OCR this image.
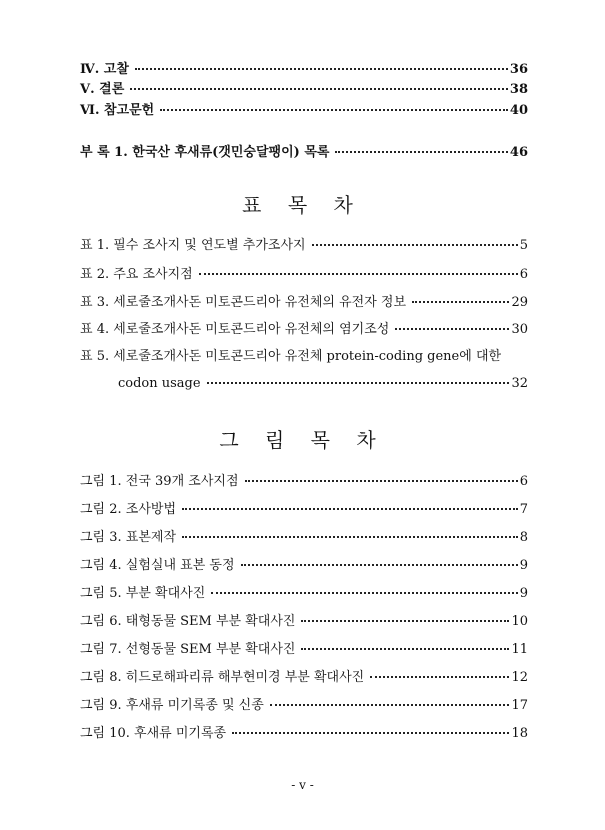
Ⅳ. 고찰	36
Ⅴ. 결론	38
Ⅵ. 참고문헌	40
부 록 1. 한국산 후새류(갯민숭달팽이) 목록	46
표 목 차
표 1. 필수 조사지 및 연도별 추가조사지	5
표 2. 주요 조사지점	6
표 3. 세로줄조개사돈 미토콘드리아 유전체의 유전자 정보	29
표 4. 세로줄조개사돈 미토콘드리아 유전체의 염기조성	30
표 5. 세로줄조개사돈 미토콘드리아 유전체 protein-coding gene에 대한
codon usage	32
그 림 목 차
그림 1. 전국 39개 조사지점	6
그림 2. 조사방법	7
그림 3. 표본제작	8
그림 4. 실험실내 표본 동정	9
그림 5. 부분 확대사진	9
그림 6. 태형동물 SEM 부분 확대사진	10
그림 7. 선형동물 SEM 부분 확대사진	11
그림 8. 히드로해파리류 해부현미경 부분 확대사진	12
그림 9. 후새류 미기록종 및 신종	17
그림 10. 후새류 미기록종	18
- v -
